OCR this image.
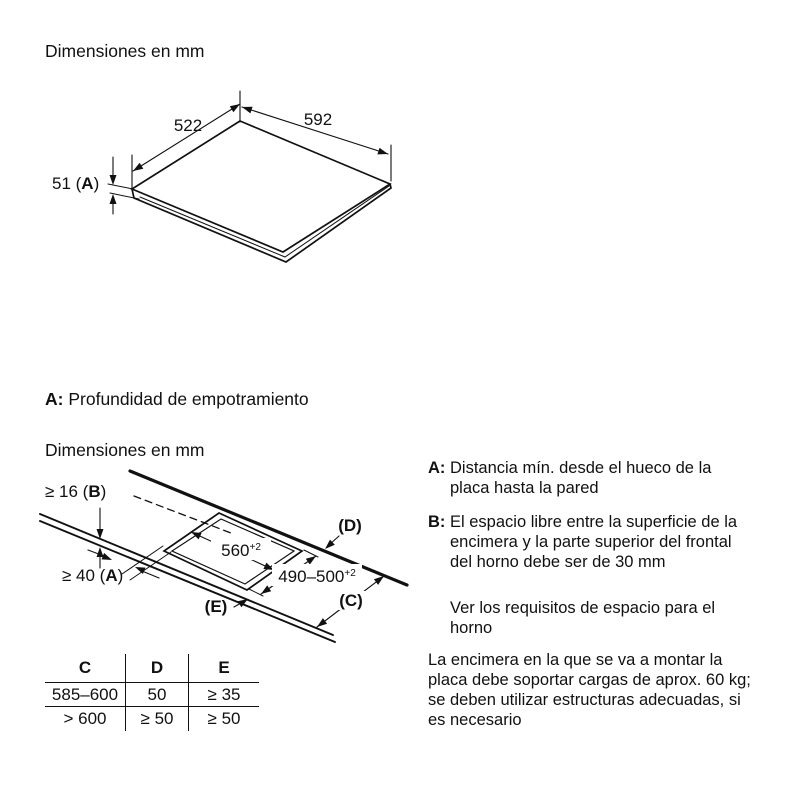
Dimensiones en mm
522	592
51 (A)
A: Profundidad de empotramiento
Dimensiones en mm
≥ 16 (B)
≥ 40 (A)
$560^{+2}$
$490-500^{+2}$
(D)
(C)
(E)
C	D	E
585–600	50	≥ 35
> 600	≥ 50	≥ 50
A: Distancia mín. desde el hueco de la
placa hasta la pared
B: El espacio libre entre la superficie de la
encimera y la parte superior del frontal
del horno debe ser de 30 mm
Ver los requisitos de espacio para el
horno
La encimera en la que se va a montar la
placa debe soportar cargas de aprox. 60 kg;
se deben utilizar estructuras adecuadas, si
es necesario
